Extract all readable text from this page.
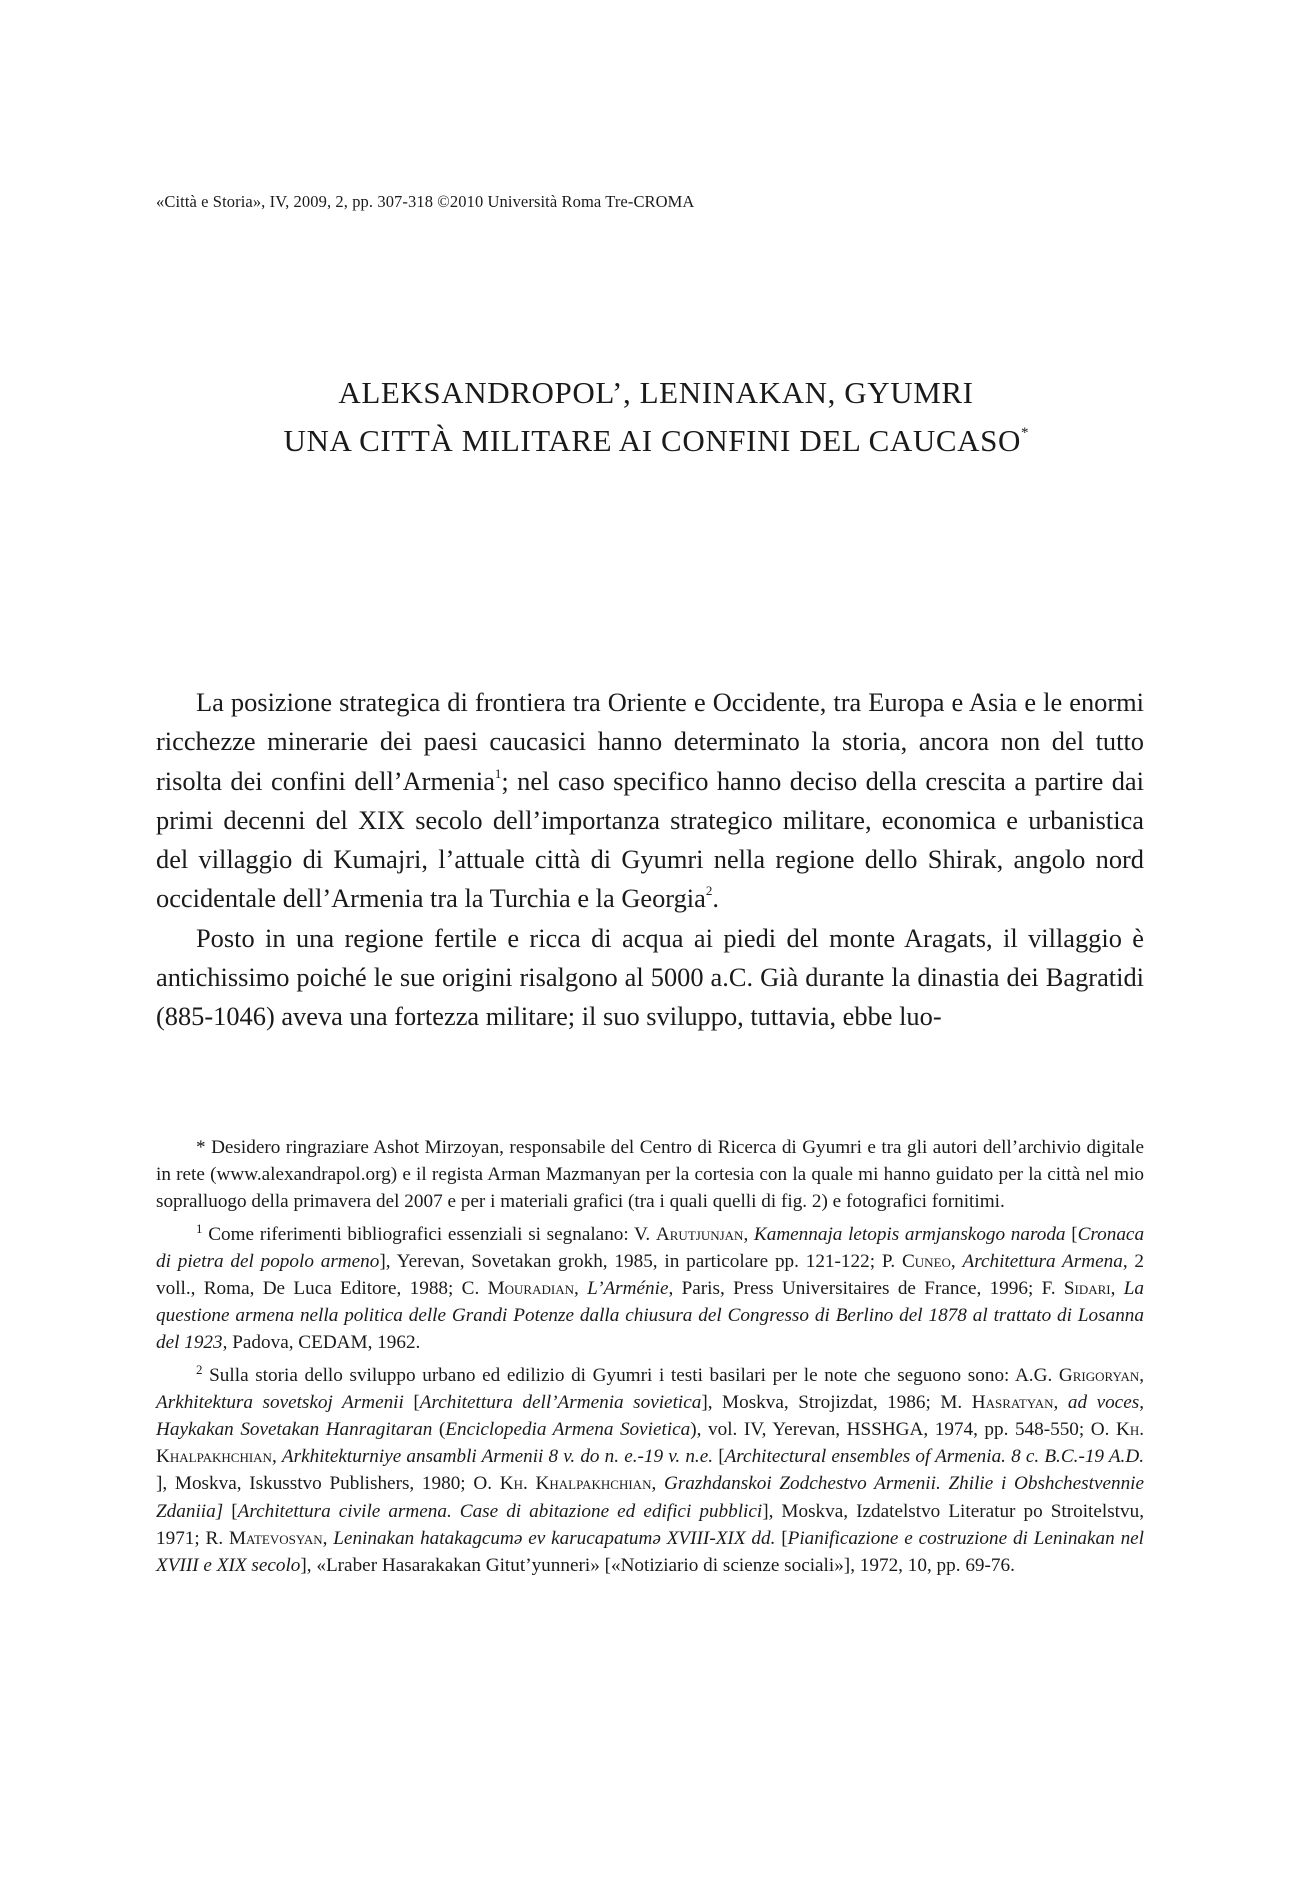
«Città e Storia», IV, 2009, 2, pp. 307-318 ©2010 Università Roma Tre-CROMA
ALEKSANDROPOL’, LENINAKAN, GYUMRI
UNA CITTÀ MILITARE AI CONFINI DEL CAUCASO*

La posizione strategica di frontiera tra Oriente e Occidente, tra Europa e Asia e le enormi ricchezze minerarie dei paesi caucasici hanno determinato la storia, ancora non del tutto risolta dei confini dell’Armenia$^1$; nel caso specifico hanno deciso della crescita a partire dai primi decenni del XIX secolo dell’importanza strategico militare, economica e urbanistica del villaggio di Kumajri, l’attuale città di Gyumri nella regione dello Shirak, angolo nord occidentale dell’Armenia tra la Turchia e la Georgia$^2$.

Posto in una regione fertile e ricca di acqua ai piedi del monte Aragats, il villaggio è antichissimo poiché le sue origini risalgono al 5000 a.C. Già durante la dinastia dei Bagratidi (885-1046) aveva una fortezza militare; il suo sviluppo, tuttavia, ebbe luo-

* Desidero ringraziare Ashot Mirzoyan, responsabile del Centro di Ricerca di Gyumri e tra gli autori dell’archivio digitale in rete (www.alexandrapol.org) e il regista Arman Mazmanyan per la cortesia con la quale mi hanno guidato per la città nel mio sopralluogo della primavera del 2007 e per i materiali grafici (tra i quali quelli di fig. 2) e fotografici fornitimi.

$^1$ Come riferimenti bibliografici essenziali si segnalano: V. Arutjunjan, Kamennaja letopis armjanskogo naroda [Cronaca di pietra del popolo armeno], Yerevan, Sovetakan grokh, 1985, in particolare pp. 121-122; P. Cuneo, Architettura Armena, 2 voll., Roma, De Luca Editore, 1988; C. Mouradian, L’Arménie, Paris, Press Universitaires de France, 1996; F. Sidari, La questione armena nella politica delle Grandi Potenze dalla chiusura del Congresso di Berlino del 1878 al trattato di Losanna del 1923, Padova, CEDAM, 1962.

$^2$ Sulla storia dello sviluppo urbano ed edilizio di Gyumri i testi basilari per le note che seguono sono: A.G. Grigoryan, Arkhitektura sovetskoj Armenii [Architettura dell’Armenia sovietica], Moskva, Strojizdat, 1986; M. Hasratyan, ad voces, Haykakan Sovetakan Hanragitaran (Enciclopedia Armena Sovietica), vol. IV, Yerevan, HSSHGA, 1974, pp. 548-550; O. Kh. Khalpakhchian, Arkhitekturniye ansambli Armenii 8 v. do n. e.-19 v. n.e. [Architectural ensembles of Armenia. 8 c. B.C.-19 A.D. ], Moskva, Iskusstvo Publishers, 1980; O. Kh. Khalpakhchian, Grazhdanskoi Zodchestvo Armenii. Zhilie i Obshchestvennie Zdaniia] [Architettura civile armena. Case di abitazione ed edifici pubblici], Moskva, Izdatelstvo Literatur po Stroitelstvu, 1971; R. Matevosyan, Leninakan hatakagcumə ev karucapatumə XVIII-XIX dd. [Pianificazione e costruzione di Leninakan nel XVIII e XIX secolo], «Lraber Hasarakakan Gitut’yunneri» [«Notiziario di scienze sociali»], 1972, 10, pp. 69-76.
